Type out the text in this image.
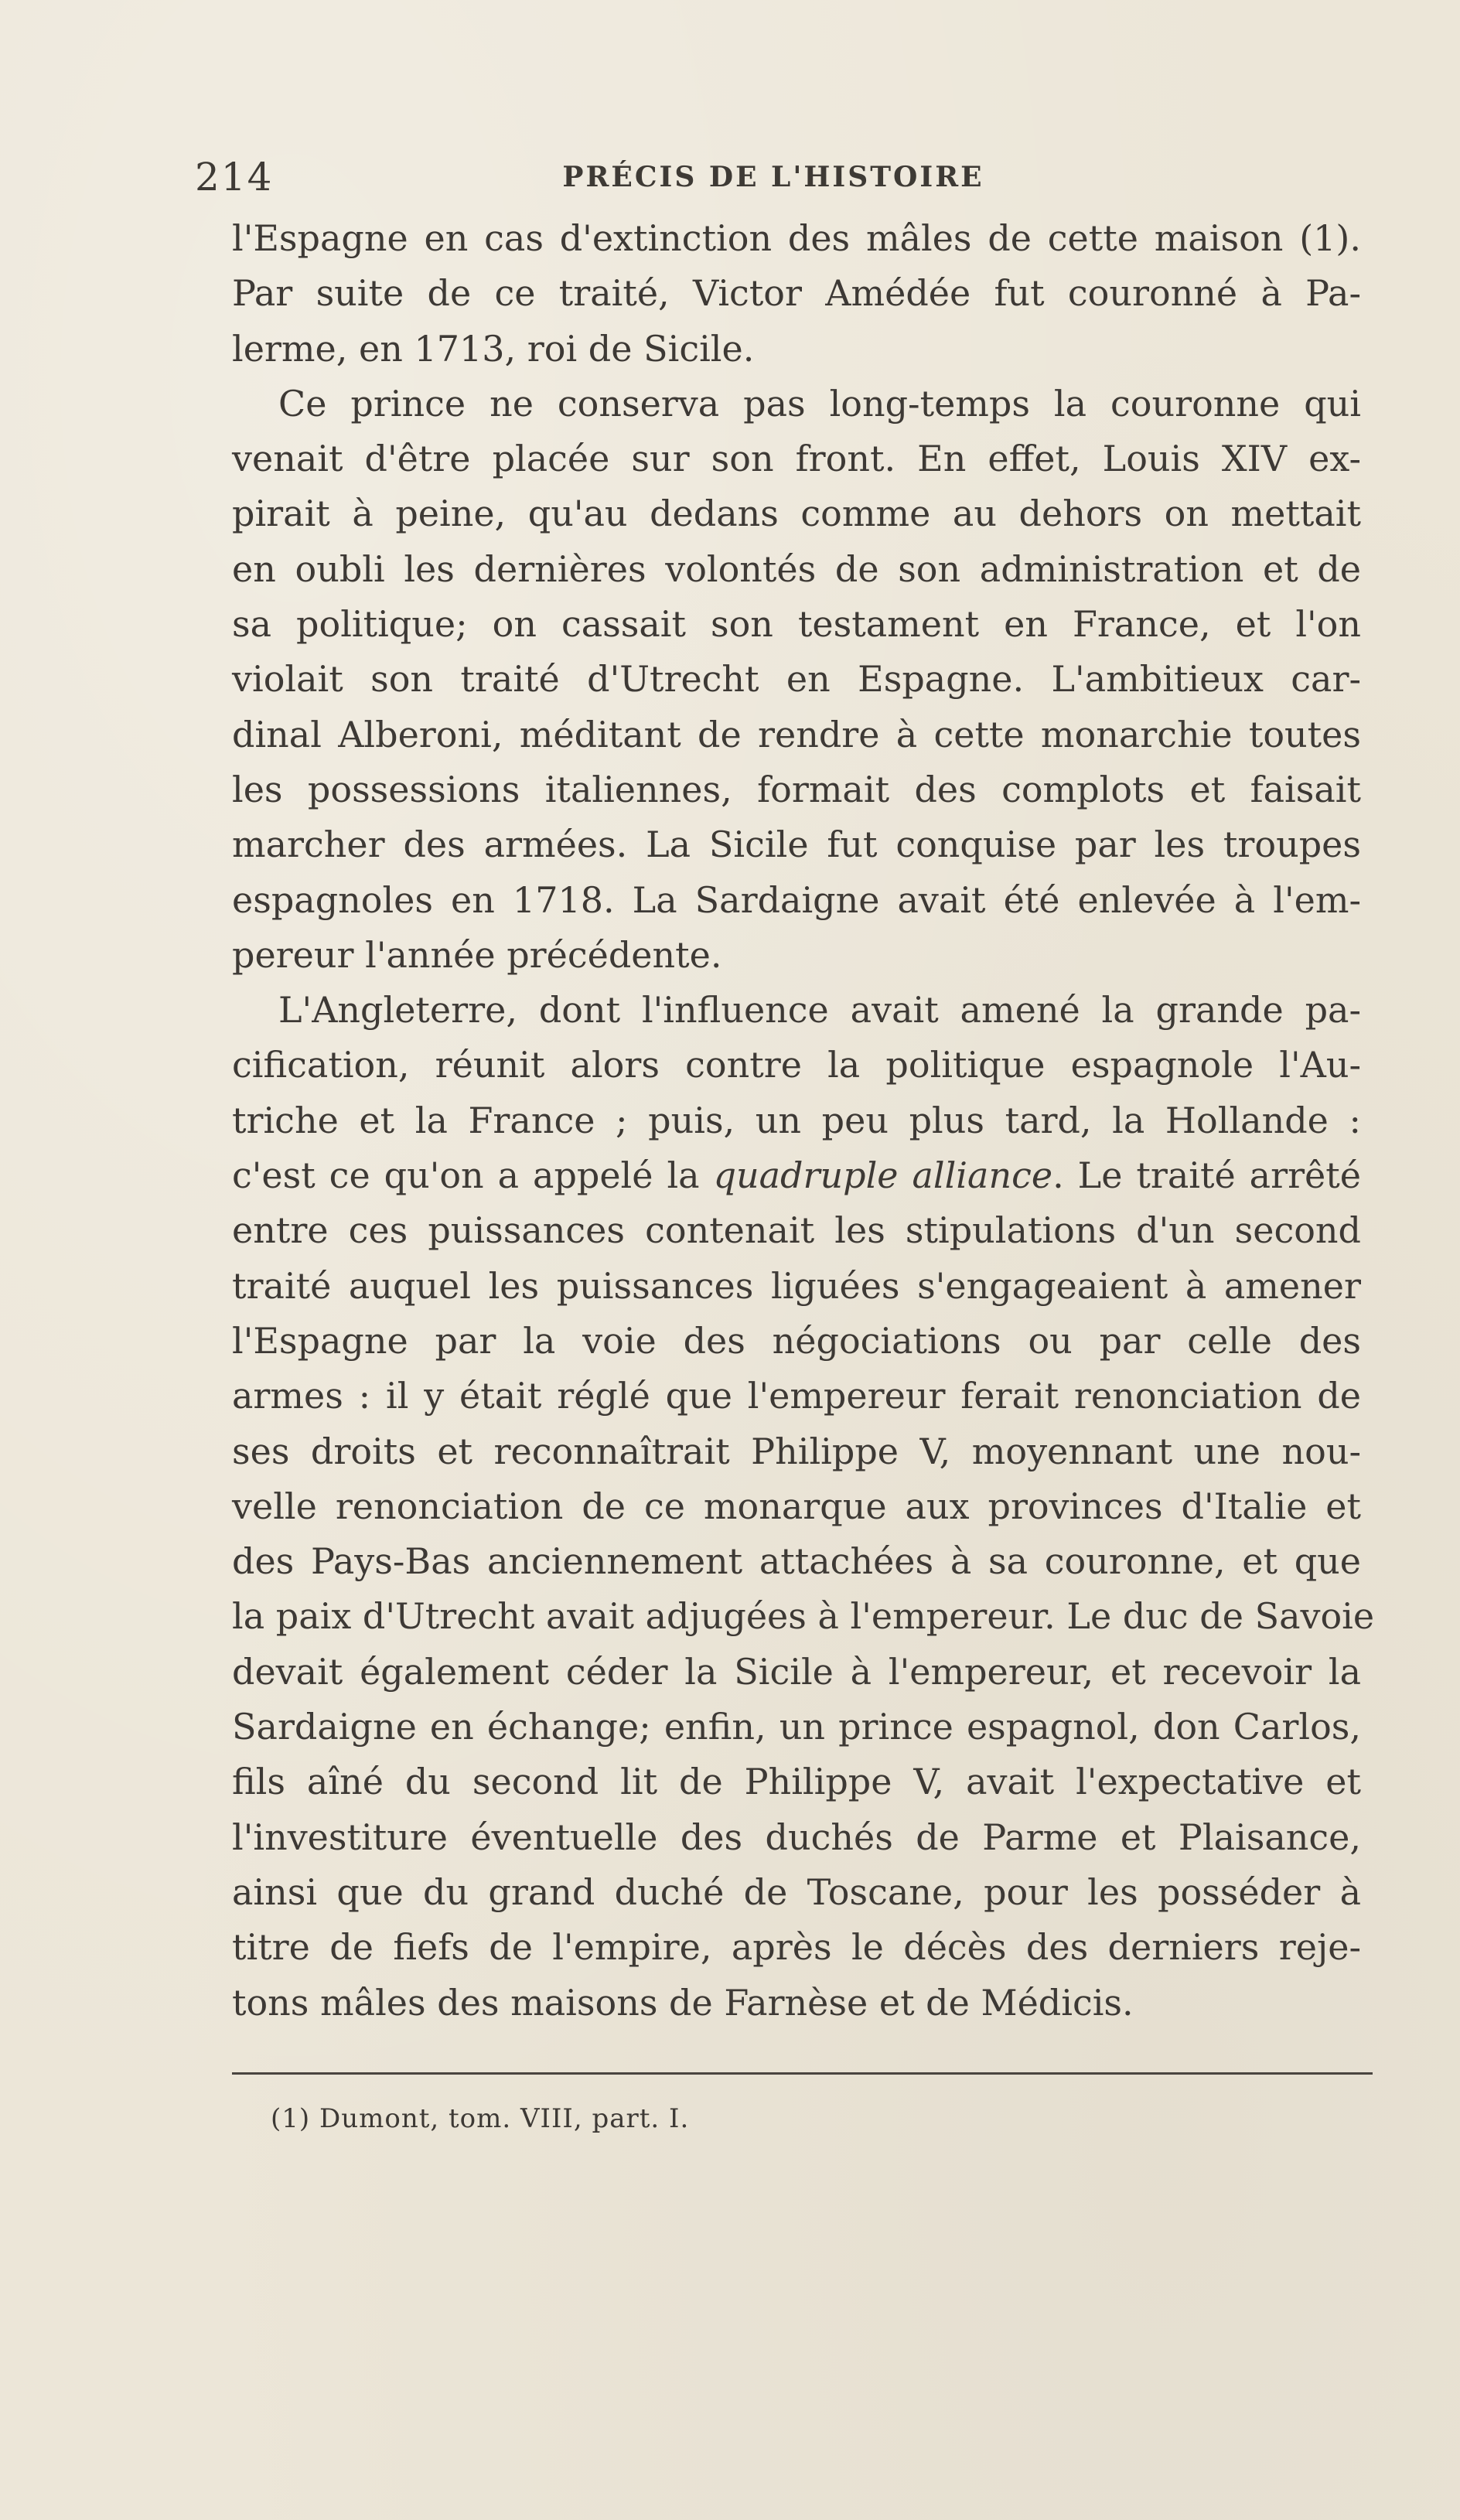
214	PRÉCIS DE L'HISTOIRE
l'Espagne en cas d'extinction des mâles de cette maison (1).
Par suite de ce traité, Victor Amédée fut couronné à Pa-
lerme, en 1713, roi de Sicile.
Ce prince ne conserva pas long-temps la couronne qui
venait d'être placée sur son front. En effet, Louis XIV ex-
pirait à peine, qu'au dedans comme au dehors on mettait
en oubli les dernières volontés de son administration et de
sa politique; on cassait son testament en France, et l'on
violait son traité d'Utrecht en Espagne. L'ambitieux car-
dinal Alberoni, méditant de rendre à cette monarchie toutes
les possessions italiennes, formait des complots et faisait
marcher des armées. La Sicile fut conquise par les troupes
espagnoles en 1718. La Sardaigne avait été enlevée à l'em-
pereur l'année précédente.
L'Angleterre, dont l'influence avait amené la grande pa-
cification, réunit alors contre la politique espagnole l'Au-
triche et la France ; puis, un peu plus tard, la Hollande :
c'est ce qu'on a appelé la quadruple alliance. Le traité arrêté
entre ces puissances contenait les stipulations d'un second
traité auquel les puissances liguées s'engageaient à amener
l'Espagne par la voie des négociations ou par celle des
armes : il y était réglé que l'empereur ferait renonciation de
ses droits et reconnaîtrait Philippe V, moyennant une nou-
velle renonciation de ce monarque aux provinces d'Italie et
des Pays-Bas anciennement attachées à sa couronne, et que
la paix d'Utrecht avait adjugées à l'empereur. Le duc de Savoie
devait également céder la Sicile à l'empereur, et recevoir la
Sardaigne en échange; enfin, un prince espagnol, don Carlos,
fils aîné du second lit de Philippe V, avait l'expectative et
l'investiture éventuelle des duchés de Parme et Plaisance,
ainsi que du grand duché de Toscane, pour les posséder à
titre de fiefs de l'empire, après le décès des derniers reje-
tons mâles des maisons de Farnèse et de Médicis.
(1) Dumont, tom. VIII, part. I.
